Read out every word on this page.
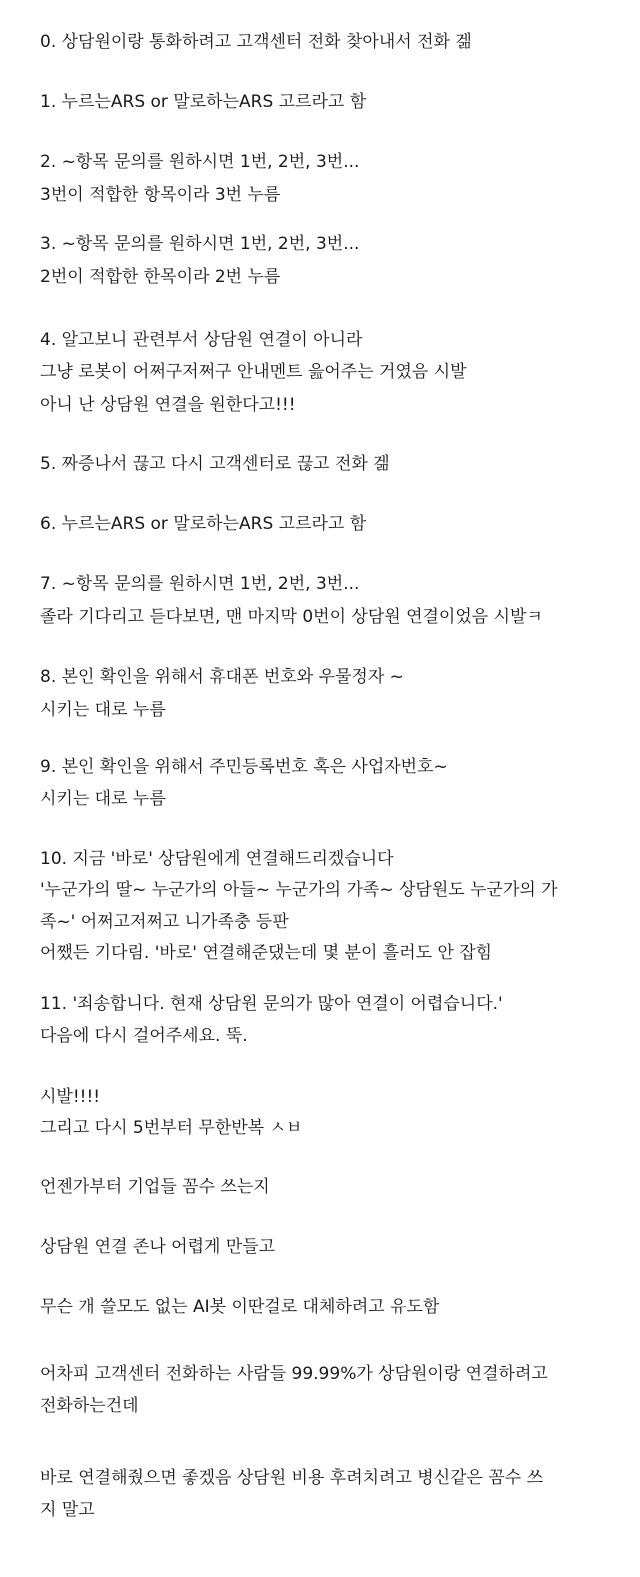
0. 상담원이랑 통화하려고 고객센터 전화 찾아내서 전화 겖
1. 누르는ARS or 말로하는ARS 고르라고 함
2. ~항목 문의를 원하시면 1번, 2번, 3번...
3번이 적합한 항목이라 3번 누름
3. ~항목 문의를 원하시면 1번, 2번, 3번...
2번이 적합한 한목이라 2번 누름
4. 알고보니 관련부서 상담원 연결이 아니라
그냥 로봇이 어쩌구저쩌구 안내멘트 읊어주는 거였음 시발
아니 난 상담원 연결을 원한다고!!!
5. 짜증나서 끊고 다시 고객센터로 끊고 전화 겖
6. 누르는ARS or 말로하는ARS 고르라고 함
7. ~항목 문의를 원하시면 1번, 2번, 3번...
졸라 기다리고 듣다보면, 맨 마지막 0번이 상담원 연결이었음 시발ㅋ
8. 본인 확인을 위해서 휴대폰 번호와 우물정자 ~
시키는 대로 누름
9. 본인 확인을 위해서 주민등록번호 혹은 사업자번호~
시키는 대로 누름
10. 지금 '바로' 상담원에게 연결해드리겠습니다
'누군가의 딸~ 누군가의 아들~ 누군가의 가족~ 상담원도 누군가의 가
족~' 어쩌고저쩌고 니가족충 등판
어쨌든 기다림. '바로' 연결해준댔는데 몇 분이 흘러도 안 잡힘
11. '죄송합니다. 현재 상담원 문의가 많아 연결이 어렵습니다.'
다음에 다시 걸어주세요. 뚝.
시발!!!!
그리고 다시 5번부터 무한반복 ㅅㅂ
언젠가부터 기업들 꼼수 쓰는지
상담원 연결 존나 어렵게 만들고
무슨 개 쓸모도 없는 AI봇 이딴걸로 대체하려고 유도함
어차피 고객센터 전화하는 사람들 99.99%가 상담원이랑 연결하려고
전화하는건데
바로 연결해줬으면 좋겠음 상담원 비용 후려치려고 병신같은 꼼수 쓰
지 말고
